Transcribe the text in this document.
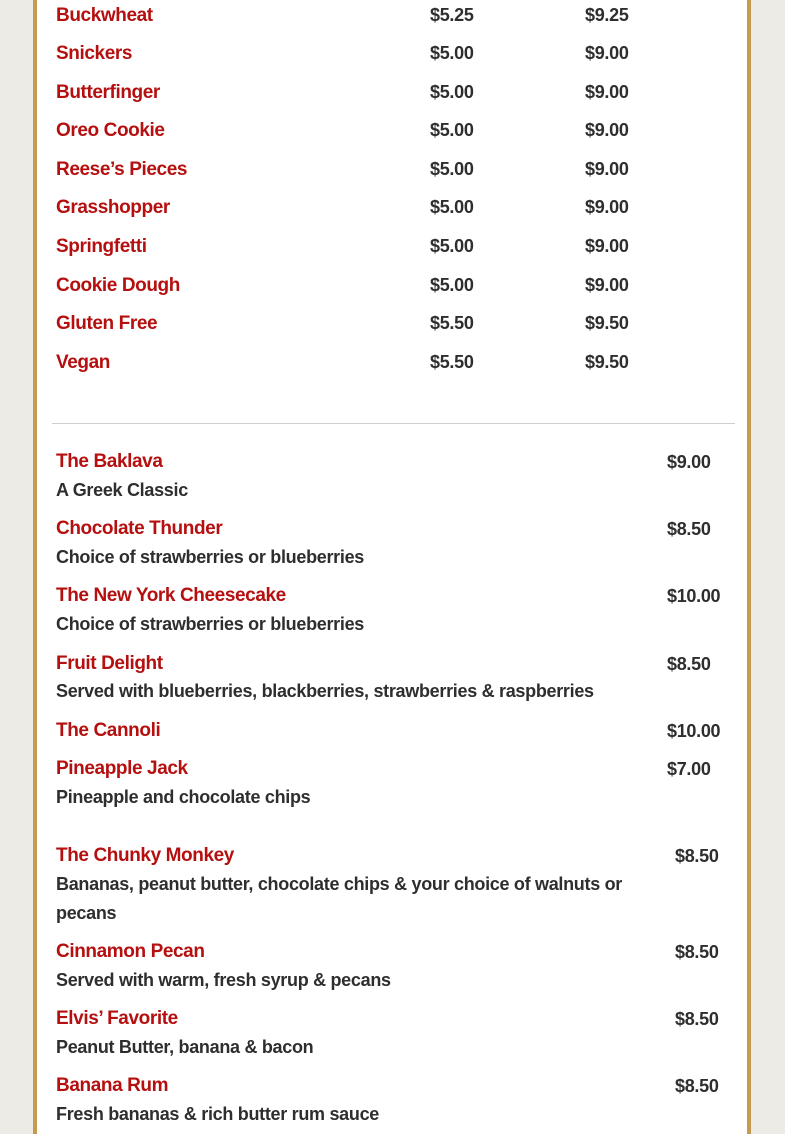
Buckwheat	$5.25	$9.25
Snickers	$5.00	$9.00
Butterfinger	$5.00	$9.00
Oreo Cookie	$5.00	$9.00
Reese’s Pieces	$5.00	$9.00
Grasshopper	$5.00	$9.00
Springfetti	$5.00	$9.00
Cookie Dough	$5.00	$9.00
Gluten Free	$5.50	$9.50
Vegan	$5.50	$9.50
The Baklava	$9.00
A Greek Classic
Chocolate Thunder	$8.50
Choice of strawberries or blueberries
The New York Cheesecake	$10.00
Choice of strawberries or blueberries
Fruit Delight	$8.50
Served with blueberries, blackberries, strawberries & raspberries
The Cannoli	$10.00
Pineapple Jack	$7.00
Pineapple and chocolate chips
The Chunky Monkey	$8.50
Bananas, peanut butter, chocolate chips & your choice of walnuts or pecans
Cinnamon Pecan	$8.50
Served with warm, fresh syrup & pecans
Elvis’ Favorite	$8.50
Peanut Butter, banana & bacon
Banana Rum	$8.50
Fresh bananas & rich butter rum sauce
